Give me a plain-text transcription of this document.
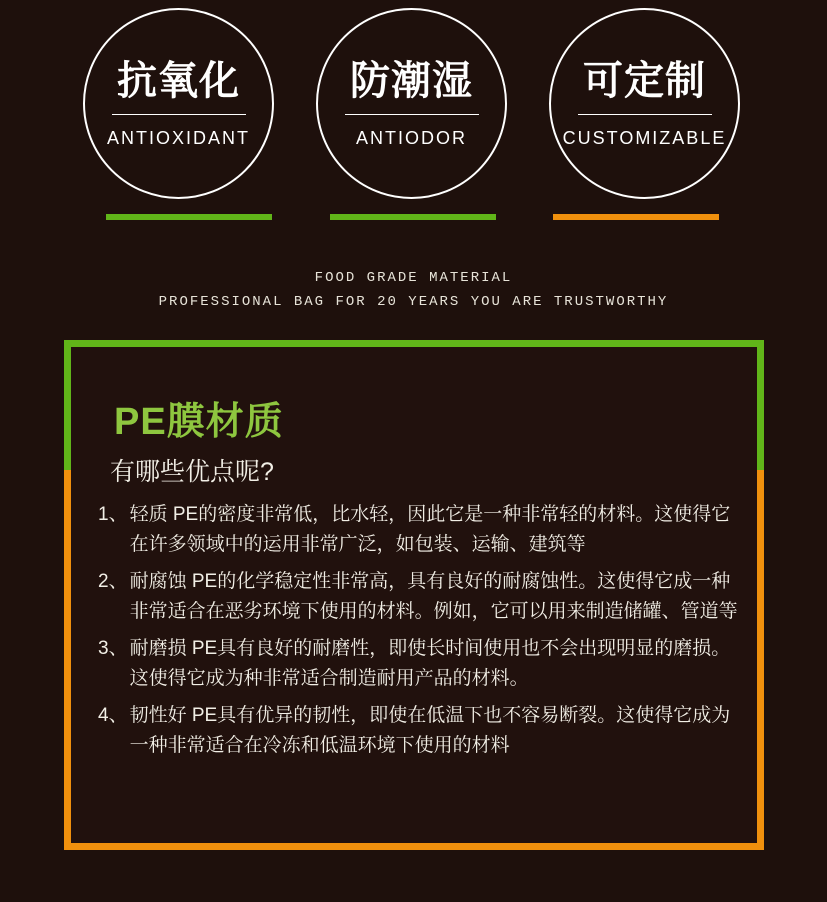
抗氧化
ANTIOXIDANT
防潮湿
ANTIODOR
可定制
CUSTOMIZABLE
FOOD GRADE MATERIAL
PROFESSIONAL BAG FOR 20 YEARS YOU ARE TRUSTWORTHY
PE膜材质
有哪些优点呢?
1、 轻质 PE的密度非常低，比水轻，因此它是一种非常轻的材料。这使得它在许多领域中的运用非常广泛，如包装、运输、建筑等
2、 耐腐蚀 PE的化学稳定性非常高，具有良好的耐腐蚀性。这使得它成一种非常适合在恶劣环境下使用的材料。例如，它可以用来制造储罐、管道等
3、 耐磨损 PE具有良好的耐磨性，即使长时间使用也不会出现明显的磨损。这使得它成为种非常适合制造耐用产品的材料。
4、 韧性好 PE具有优异的韧性，即使在低温下也不容易断裂。这使得它成为一种非常适合在冷冻和低温环境下使用的材料
